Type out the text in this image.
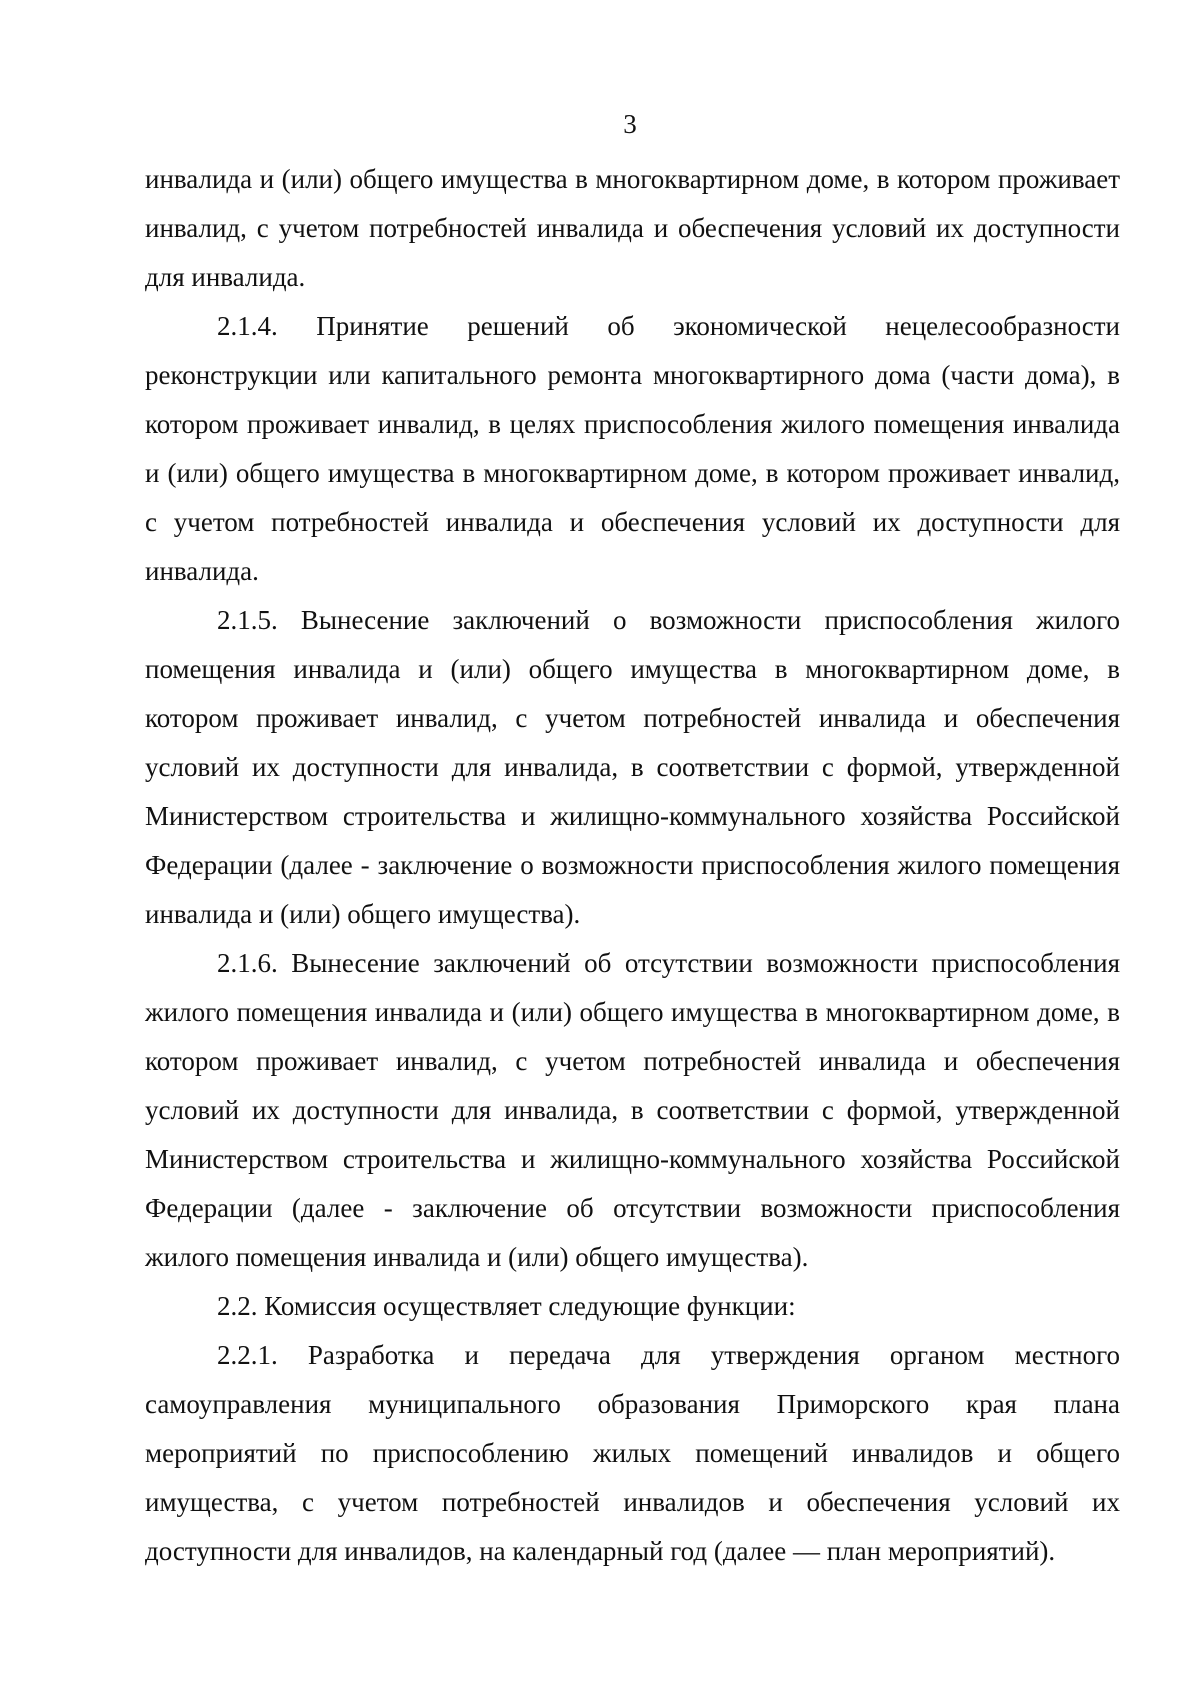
3

инвалида и (или) общего имущества в многоквартирном доме, в котором проживает инвалид, с учетом потребностей инвалида и обеспечения условий их доступности для инвалида.

2.1.4. Принятие решений об экономической нецелесообразности реконструкции или капитального ремонта многоквартирного дома (части дома), в котором проживает инвалид, в целях приспособления жилого помещения инвалида и (или) общего имущества в многоквартирном доме, в котором проживает инвалид, с учетом потребностей инвалида и обеспечения условий их доступности для инвалида.

2.1.5. Вынесение заключений о возможности приспособления жилого помещения инвалида и (или) общего имущества в многоквартирном доме, в котором проживает инвалид, с учетом потребностей инвалида и обеспечения условий их доступности для инвалида, в соответствии с формой, утвержденной Министерством строительства и жилищно-коммунального хозяйства Российской Федерации (далее - заключение о возможности приспособления жилого помещения инвалида и (или) общего имущества).

2.1.6. Вынесение заключений об отсутствии возможности приспособления жилого помещения инвалида и (или) общего имущества в многоквартирном доме, в котором проживает инвалид, с учетом потребностей инвалида и обеспечения условий их доступности для инвалида, в соответствии с формой, утвержденной Министерством строительства и жилищно-коммунального хозяйства Российской Федерации (далее - заключение об отсутствии возможности приспособления жилого помещения инвалида и (или) общего имущества).

2.2. Комиссия осуществляет следующие функции:

2.2.1. Разработка и передача для утверждения органом местного самоуправления муниципального образования Приморского края плана мероприятий по приспособлению жилых помещений инвалидов и общего имущества, с учетом потребностей инвалидов и обеспечения условий их доступности для инвалидов, на календарный год (далее — план мероприятий).
